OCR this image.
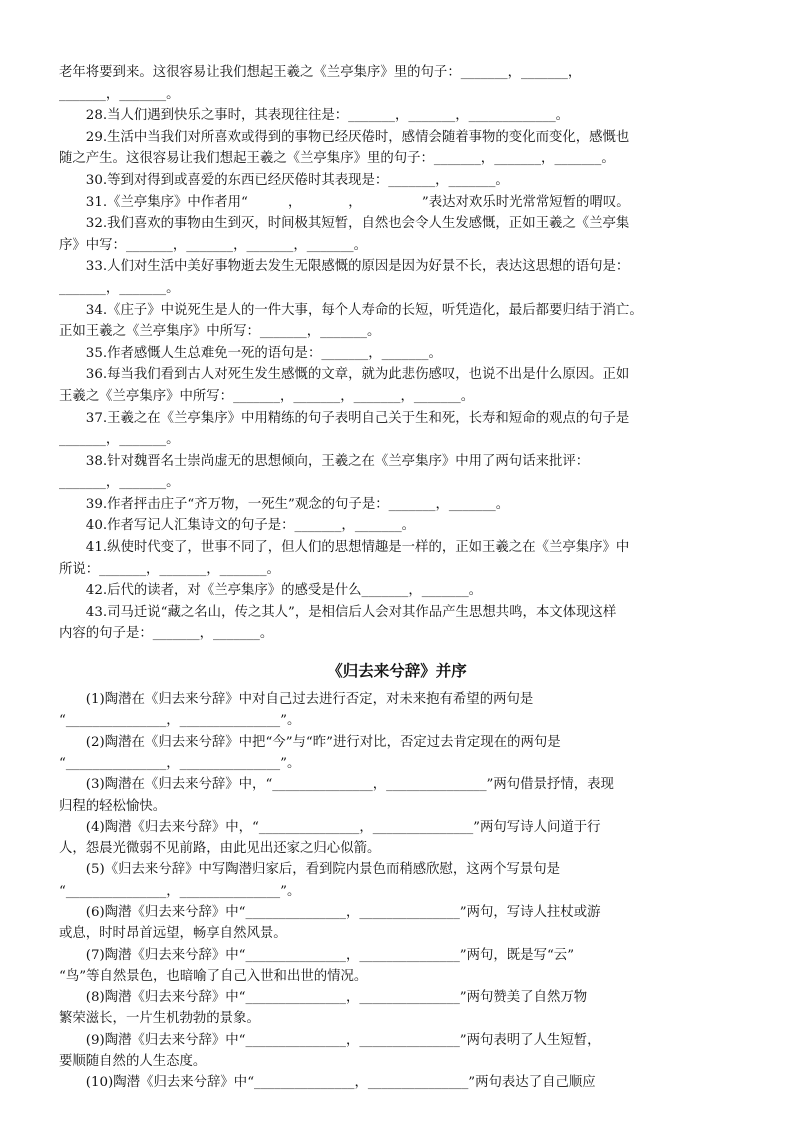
老年将要到来。这很容易让我们想起王羲之《兰亭集序》里的句子：_______，_______，

_______，_______。

28.当人们遇到快乐之事时，其表现往往是：_______，_______，_____________。

29.生活中当我们对所喜欢或得到的事物已经厌倦时，感情会随着事物的变化而变化，感慨也

随之产生。这很容易让我们想起王羲之《兰亭集序》里的句子：_______，_______，_______。

30.等到对得到或喜爱的东西已经厌倦时其表现是：_______，_______。

31.《兰亭集序》中作者用“　　　，　　　　，　　　　　”表达对欢乐时光常常短暂的喟叹。

32.我们喜欢的事物由生到灭，时间极其短暂，自然也会令人生发感慨，正如王羲之《兰亭集

序》中写：_______，_______，_______，_______。

33.人们对生活中美好事物逝去发生无限感慨的原因是因为好景不长，表达这思想的语句是：

_______，_______。

34.《庄子》中说死生是人的一件大事，每个人寿命的长短，听凭造化，最后都要归结于消亡。

正如王羲之《兰亭集序》中所写：_______，_______。

35.作者感慨人生总难免一死的语句是：_______，_______。

36.每当我们看到古人对死生发生感慨的文章，就为此悲伤感叹，也说不出是什么原因。正如

王羲之《兰亭集序》中所写：_______，_______，_______，_______。

37.王羲之在《兰亭集序》中用精练的句子表明自己关于生和死，长寿和短命的观点的句子是

_______，_______。

38.针对魏晋名士崇尚虚无的思想倾向，王羲之在《兰亭集序》中用了两句话来批评：

_______，_______。

39.作者抨击庄子“齐万物，一死生”观念的句子是：_______，_______。

40.作者写记人汇集诗文的句子是：_______，_______。

41.纵使时代变了，世事不同了，但人们的思想情趣是一样的，正如王羲之在《兰亭集序》中

所说：_______，_______，_______。

42.后代的读者，对《兰亭集序》的感受是什么_______，_______。

43.司马迁说“藏之名山，传之其人”，是相信后人会对其作品产生思想共鸣，本文体现这样

内容的句子是：_______，_______。

《归去来兮辞》并序

(1)陶潜在《归去来兮辞》中对自己过去进行否定，对未来抱有希望的两句是

“_______________，_______________”。

(2)陶潜在《归去来兮辞》中把“今”与“昨”进行对比，否定过去肯定现在的两句是

“_______________，_______________”。

(3)陶潜在《归去来兮辞》中，“_______________，_______________”两句借景抒情，表现

归程的轻松愉快。

(4)陶潜《归去来兮辞》中，“_______________，_______________”两句写诗人问道于行

人，怨晨光微弱不见前路，由此见出还家之归心似箭。

(5)《归去来兮辞》中写陶潜归家后，看到院内景色而稍感欣慰，这两个写景句是

“_______________，_______________”。

(6)陶潜《归去来兮辞》中“_______________，_______________”两句，写诗人拄杖或游

或息，时时昂首远望，畅享自然风景。

(7)陶潜《归去来兮辞》中“_______________，_______________”两句，既是写“云”

“鸟”等自然景色，也暗喻了自己入世和出世的情况。

(8)陶潜《归去来兮辞》中“_______________，_______________”两句赞美了自然万物

繁荣滋长，一片生机勃勃的景象。

(9)陶潜《归去来兮辞》中“_______________，_______________”两句表明了人生短暂，

要顺随自然的人生态度。

(10)陶潜《归去来兮辞》中“_______________，_______________”两句表达了自己顺应
